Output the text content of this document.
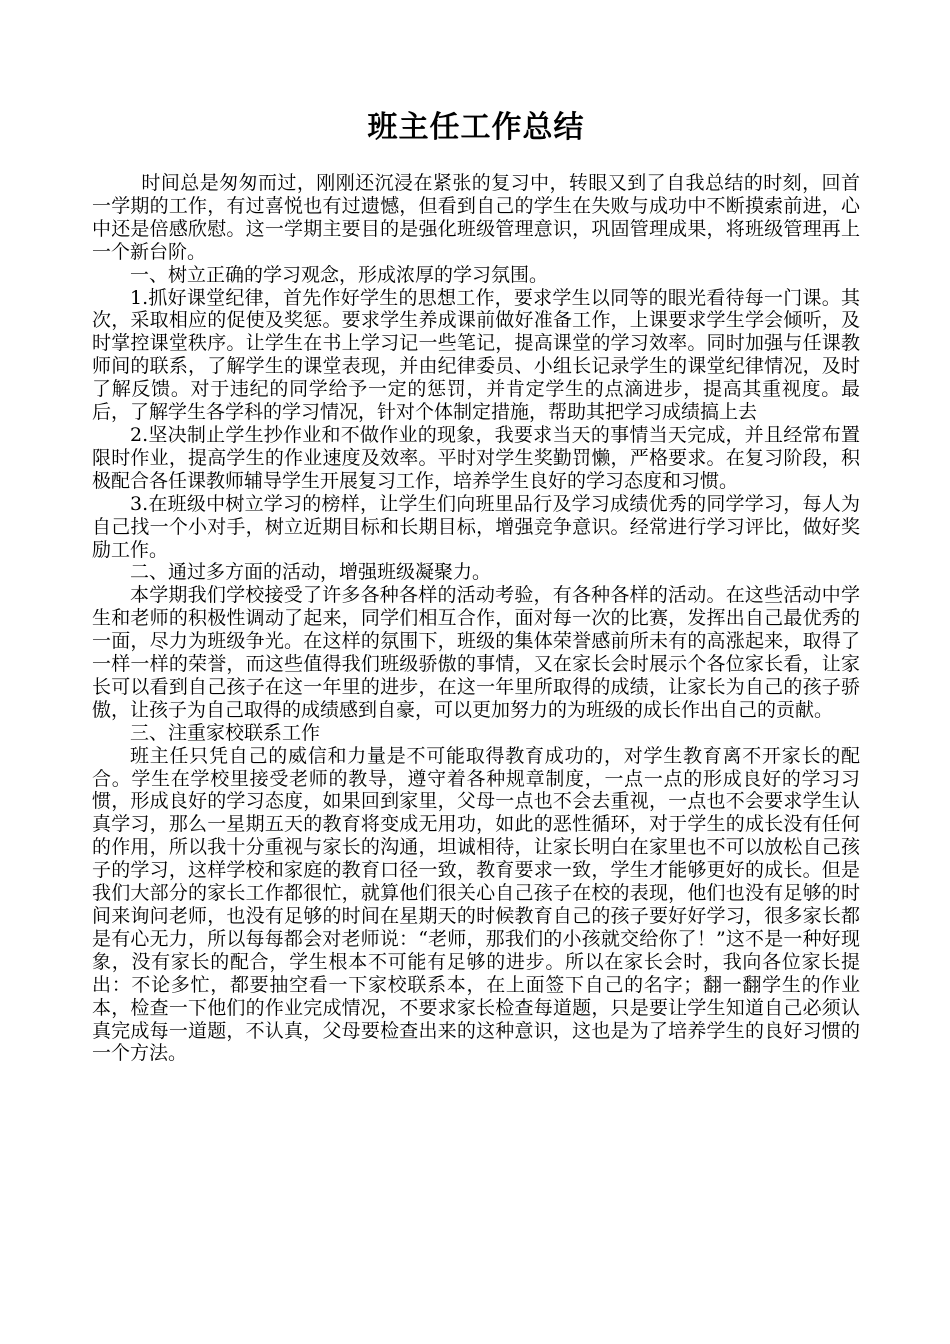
班主任工作总结

时间总是匆匆而过，刚刚还沉浸在紧张的复习中，转眼又到了自我总结的时刻，回首一学期的工作，有过喜悦也有过遗憾，但看到自己的学生在失败与成功中不断摸索前进，心中还是倍感欣慰。这一学期主要目的是强化班级管理意识，巩固管理成果，将班级管理再上一个新台阶。

一、树立正确的学习观念，形成浓厚的学习氛围。

1.抓好课堂纪律，首先作好学生的思想工作，要求学生以同等的眼光看待每一门课。其次，采取相应的促使及奖惩。要求学生养成课前做好准备工作，上课要求学生学会倾听，及时掌控课堂秩序。让学生在书上学习记一些笔记，提高课堂的学习效率。同时加强与任课教师间的联系，了解学生的课堂表现，并由纪律委员、小组长记录学生的课堂纪律情况，及时了解反馈。对于违纪的同学给予一定的惩罚，并肯定学生的点滴进步，提高其重视度。最后，了解学生各学科的学习情况，针对个体制定措施，帮助其把学习成绩搞上去

2.坚决制止学生抄作业和不做作业的现象，我要求当天的事情当天完成，并且经常布置限时作业，提高学生的作业速度及效率。平时对学生奖勤罚懒，严格要求。在复习阶段，积极配合各任课教师辅导学生开展复习工作，培养学生良好的学习态度和习惯。

3.在班级中树立学习的榜样，让学生们向班里品行及学习成绩优秀的同学学习，每人为自己找一个小对手，树立近期目标和长期目标，增强竞争意识。经常进行学习评比，做好奖励工作。

二、通过多方面的活动，增强班级凝聚力。

本学期我们学校接受了许多各种各样的活动考验，有各种各样的活动。在这些活动中学生和老师的积极性调动了起来，同学们相互合作，面对每一次的比赛，发挥出自己最优秀的一面，尽力为班级争光。在这样的氛围下，班级的集体荣誉感前所未有的高涨起来，取得了一样一样的荣誉，而这些值得我们班级骄傲的事情，又在家长会时展示个各位家长看，让家长可以看到自己孩子在这一年里的进步，在这一年里所取得的成绩，让家长为自己的孩子骄傲，让孩子为自己取得的成绩感到自豪，可以更加努力的为班级的成长作出自己的贡献。

三、注重家校联系工作

班主任只凭自己的威信和力量是不可能取得教育成功的，对学生教育离不开家长的配合。学生在学校里接受老师的教导，遵守着各种规章制度，一点一点的形成良好的学习习惯，形成良好的学习态度，如果回到家里，父母一点也不会去重视，一点也不会要求学生认真学习，那么一星期五天的教育将变成无用功，如此的恶性循环，对于学生的成长没有任何的作用，所以我十分重视与家长的沟通，坦诚相待，让家长明白在家里也不可以放松自己孩子的学习，这样学校和家庭的教育口径一致，教育要求一致，学生才能够更好的成长。但是我们大部分的家长工作都很忙，就算他们很关心自己孩子在校的表现，他们也没有足够的时间来询问老师，也没有足够的时间在星期天的时候教育自己的孩子要好好学习，很多家长都是有心无力，所以每每都会对老师说：“老师，那我们的小孩就交给你了！”这不是一种好现象，没有家长的配合，学生根本不可能有足够的进步。所以在家长会时，我向各位家长提出：不论多忙，都要抽空看一下家校联系本，在上面签下自己的名字；翻一翻学生的作业本，检查一下他们的作业完成情况，不要求家长检查每道题，只是要让学生知道自己必须认真完成每一道题，不认真，父母要检查出来的这种意识，这也是为了培养学生的良好习惯的一个方法。
